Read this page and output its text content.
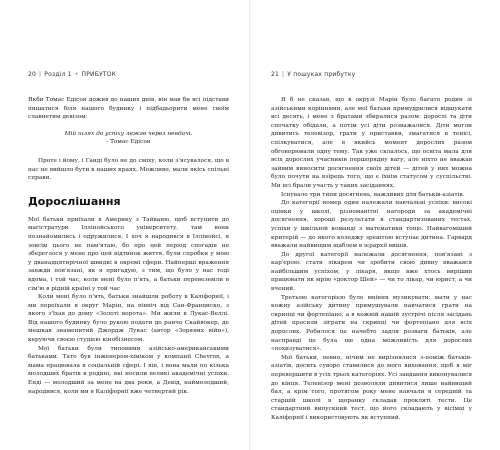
20 | Розділ 1 • ПРИБУТОК

Якби Томас Едісон дожив до наших днів, він мав би всі підстави пишатися біля нашого будинку і підбадьорити мене своїм славнетим девізом:

Мій шлях до успіху лежав через невдачі.
- Томас Едісон

Проте і йому, і Ганді було не до сміху, коли з'ясувалося, що в нас не вийшло бути в наших краях. Можливо, мали якісь спільні справи.

Дорослішання

Мої батьки приїхали в Америку з Тайваню, щоб вступити до магістратури Іллінойського університету, там вони познайомились і одружилися. І хоч я народився в Іллінойсі, я зовсім цього не пам'ятаю, бо про цей період спогадів не збереглося у мене про цей відтинок життя, були спробки у мою у дванадцятирічної швидкі в окремі сфери. Найперші враження завжди пов'язані, як я пригадую, з тим, що було у нас тоді вдома, і той час, коли мені було п'ять, а батьки перевеземли в сім'ю в рідній країні у той час

Коли мені було п'ять, батьки знайшли роботу в Каліфорнії, і ми переїхали в округ Марін, на північ від Сан-Франциско, з якого з'їхав до дому «Золоті ворота». Ми жили в Лукас-Веллі. Від нашого будинку було рукою подати до ранчо Скайвокер, де мешкав знаменитий Джордж Лукас (автор «Зоряних війн»), керуючи своєю студією кінобізнесом.

Мої батьки були типовими азійсько-американськими батьками. Тато був інженером-хіміком у компанії Chevron, а мама працювала в соціальній сфері. І він, і вона мали по кілька молодших братів в родині, які носили великі академічні успіхи. Енді — молодший за мене на два роки, а Девід, наймолодший, народився, коли ми в Каліфорнії вже четвертий рік.

21 | У пошуках прибутку

Я б не сказав, що в окрузі Марін було багато родин зі азійськими коріннями, але мої батьки примудрилися відшукати всі десять, і мене з братами збиралися разом: дорослі та діти спочатку обідали, а потім усі діти розважалися. Діти могли дивитись телевізор, грати у приставки, змагатися в тенісі, спілкуватися, але в якийсь момент дорослих разом обговорювали одну тему. Так уже склалось, що освіта мала для всіх дорослих учасників першорядну вагу, але ніхто не вважав зайвим виносити досягнення своїх дітей — дітей у них можна було почути на взірець того, що є їхнім статусом у суспільстві. Ми всі брали участь у таких засіданнях.

Існувало три типи досягнень, важливих для батьків-азіатів.

До категорії номер один належали навчальні успіхи: високі оцінки у школі, різноманітні нагороди за академічні досягнення, хороші результати в стандартизованих тестах, успіхи у шкільній команді з математики тощо. Найвагоміший критерій — до якого коледжу зрештою вступає дитина. Гарвард вважали найвищим щаблем в ієрархії вишів.

До другої категорії належали досягнення, пов'язані з кар'єрою: стати лікарем чи зробити свою дивну вважався найбільшим успіхом, у лікаря, якщо вже хтось вирішив працювати як мрію «доктор Шей» — чи то лікар, чи юрист, а чи вчений.

Третьою категорією було вміння музикувати: мати у нас кожну азійську дитину примушували навчатися грати на скрипці чи фортепіано, а в кожній нашій зустрічі після засідань дітей просили зіграти на скрипці чи фортепіано для всіх дорослих. Робилося це начебто задля розваги батьків, але насправді це була ще одна можливість для дорослих «похизуватися».

Мої батьки, певно, нічим не вирізнялися з-поміж батьків-азіатів, досить суворо ставилися до мого виховання, щоб я міг перевершити в усіх трьох категоріях. Усі завдання виконувалися до кінця. Телевізор мені дозволяли дивитися лише найвищий бал, а крім того, протягом року мене навчали в середній та старшій школі я щоранку складав прокляті тести. Це стандартний випускний тест, що його складають у вісімці у Каліфорнії і використовують як вступний.
